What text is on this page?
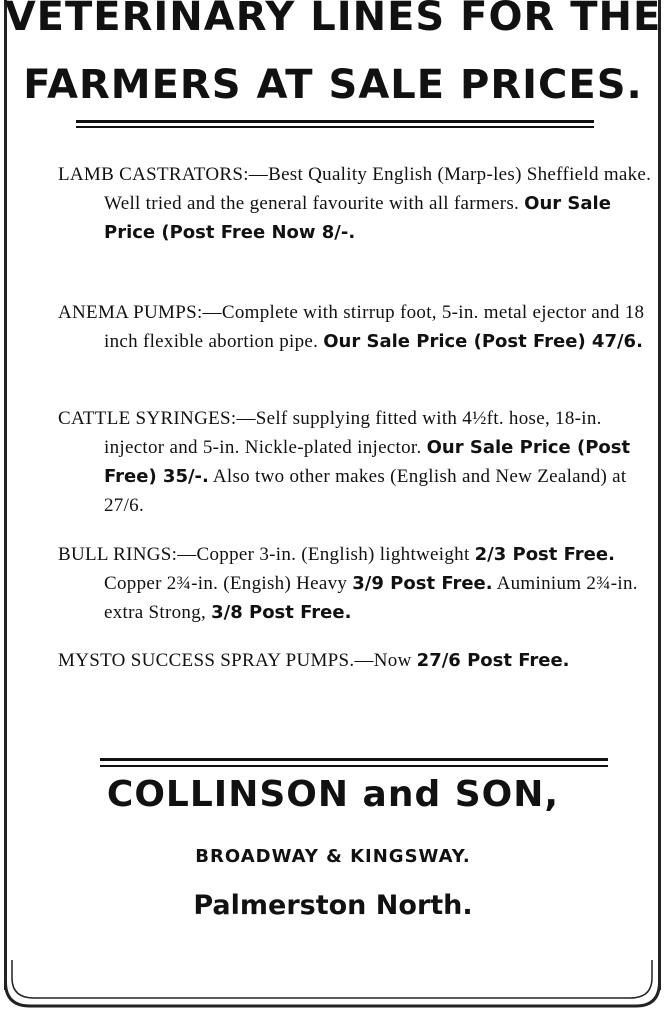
VETERINARY LINES FOR THE
FARMERS AT SALE PRICES.
LAMB CASTRATORS:—Best Quality English (Marp-les) Sheffield make. Well tried and the general favourite with all farmers. Our Sale Price (Post Free Now 8/-.
ANEMA PUMPS:—Complete with stirrup foot, 5-in. metal ejector and 18 inch flexible abortion pipe. Our Sale Price (Post Free) 47/6.
CATTLE SYRINGES:—Self supplying fitted with 4½ft. hose, 18-in. injector and 5-in. Nickle-plated injector. Our Sale Price (Post Free) 35/-. Also two other makes (English and New Zealand) at 27/6.
BULL RINGS:—Copper 3-in. (English) lightweight 2/3 Post Free. Copper 2¾-in. (Engish) Heavy 3/9 Post Free. Auminium 2¾-in. extra Strong, 3/8 Post Free.
MYSTO SUCCESS SPRAY PUMPS.—Now 27/6 Post Free.
COLLINSON and SON,
BROADWAY & KINGSWAY.
Palmerston North.
